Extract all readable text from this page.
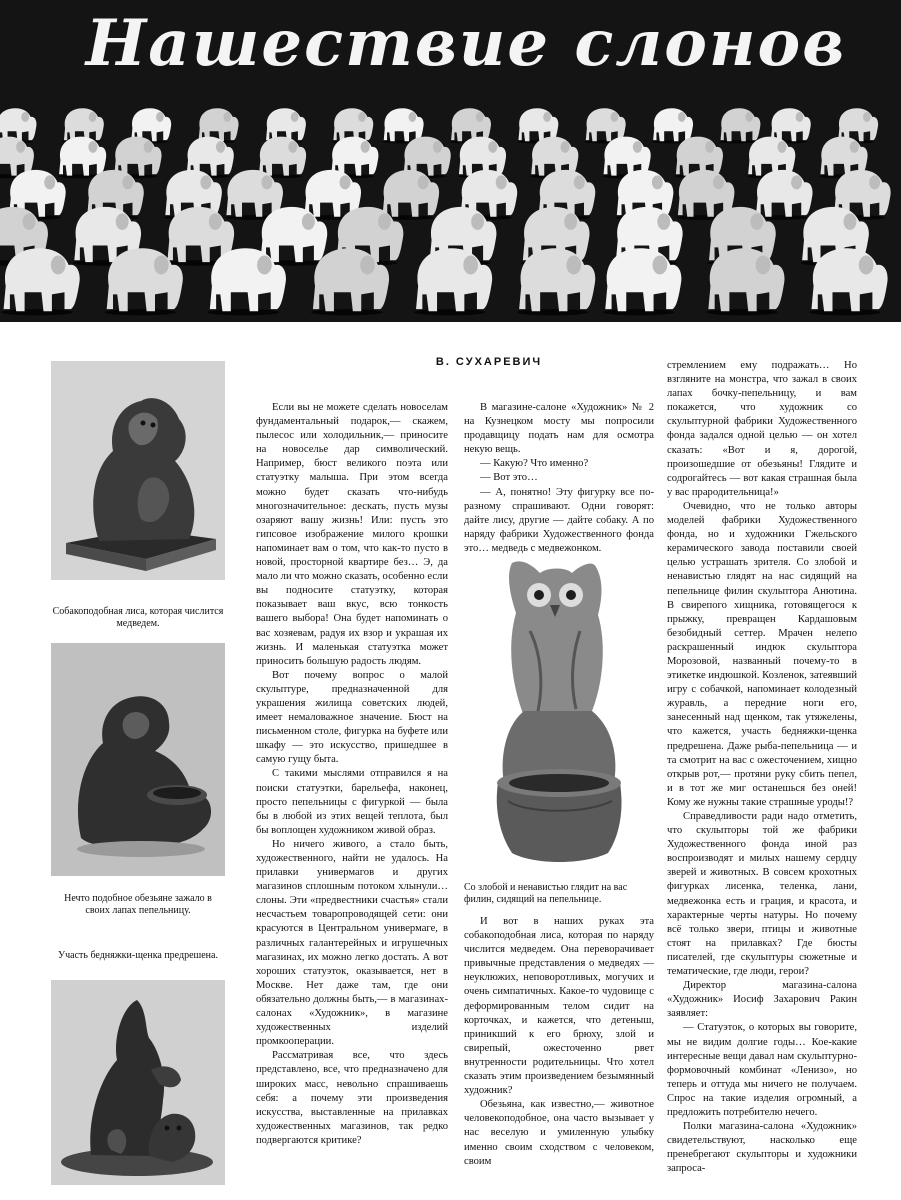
Нашествие слонов
В. СУХАРЕВИЧ
Собакоподобная лиса, которая числится медведем.
Нечто подобное обезьяне зажало в своих лапах пепельницу.
Участь бедняжки-щенка предрешена.
Со злобой и ненавистью глядит на вас филин, сидящий на пепельнице.

Если вы не можете сделать новоселам фундаментальный подарок,— скажем, пылесос или холодильник,— приносите на новоселье дар символический. Например, бюст великого поэта или статуэтку малыша. При этом всегда можно будет сказать что-нибудь многозначительное: дескать, пусть музы озаряют вашу жизнь! Или: пусть это гипсовое изображение милого крошки напоминает вам о том, что как-то пусто в новой, просторной квартире без… Э, да мало ли что можно сказать, особенно если вы подносите статуэтку, которая показывает ваш вкус, всю тонкость вашего выбора! Она будет напоминать о вас хозяевам, радуя их взор и украшая их жизнь. И маленькая статуэтка может приносить большую радость людям.

Вот почему вопрос о малой скульптуре, предназначенной для украшения жилища советских людей, имеет немаловажное значение. Бюст на письменном столе, фигурка на буфете или шкафу — это искусство, пришедшее в самую гущу быта.

С такими мыслями отправился я на поиски статуэтки, барельефа, наконец, просто пепельницы с фигуркой — была бы в любой из этих вещей теплота, был бы воплощен художником живой образ.

Но ничего живого, а стало быть, художественного, найти не удалось. На прилавки универмагов и других магазинов сплошным потоком хлынули… слоны. Эти «предвестники счастья» стали несчастьем товаропроводящей сети: они красуются в Центральном универмаге, в различных галантерейных и игрушечных магазинах, их можно легко достать. А вот хороших статуэток, оказывается, нет в Москве. Нет даже там, где они обязательно должны быть,— в магазинах-салонах «Художник», в магазине художественных изделий промкооперации.

Рассматривая все, что здесь представлено, все, что предназначено для широких масс, невольно спрашиваешь себя: а почему эти произведения искусства, выставленные на прилавках художественных магазинов, так редко подвергаются критике?

В магазине-салоне «Художник» № 2 на Кузнецком мосту мы попросили продавщицу подать нам для осмотра некую вещь.

— Какую? Что именно?

— Вот это…

— А, понятно! Эту фигурку все по-разному спрашивают. Одни говорят: дайте лису, другие — дайте собаку. А по наряду фабрики Художественного фонда это… медведь с медвежонком.

И вот в наших руках эта собакоподобная лиса, которая по наряду числится медведем. Она переворачивает привычные представления о медведях — неуклюжих, неповоротливых, могучих и очень симпатичных. Какое-то чудовище с деформированным телом сидит на корточках, и кажется, что детеныш, приникший к его брюху, злой и свирепый, ожесточенно рвет внутренности родительницы. Что хотел сказать этим произведением безымянный художник?

Обезьяна, как известно,— животное человекоподобное, она часто вызывает у нас веселую и умиленную улыбку именно своим сходством с человеком, своим

стремлением ему подражать… Но взгляните на монстра, что зажал в своих лапах бочку-пепельницу, и вам покажется, что художник со скульптурной фабрики Художественного фонда задался одной целью — он хотел сказать: «Вот и я, дорогой, произошедшие от обезьяны! Глядите и содрогайтесь — вот какая страшная была у вас прародительница!»

Очевидно, что не только авторы моделей фабрики Художественного фонда, но и художники Гжельского керамического завода поставили своей целью устрашать зрителя. Со злобой и ненавистью глядят на нас сидящий на пепельнице филин скульптора Анютина. В свирепого хищника, готовящегося к прыжку, превращен Кардашовым безобидный сеттер. Мрачен нелепо раскрашенный индюк скульптора Морозовой, названный почему-то в этикетке индюшкой. Козленок, затеявший игру с собачкой, напоминает колодезный журавль, а передние ноги его, занесенный над щенком, так утяжелены, что кажется, участь бедняжки-щенка предрешена. Даже рыба-пепельница — и та смотрит на вас с ожесточением, хищно открыв рот,— протяни руку сбить пепел, и в тот же миг останешься без оней! Кому же нужны такие страшные уроды!?

Справедливости ради надо отметить, что скульпторы той же фабрики Художественного фонда иной раз воспроизводят и милых нашему сердцу зверей и животных. В совсем крохотных фигурках лисенка, теленка, лани, медвежонка есть и грация, и красота, и характерные черты натуры. Но почему всё только звери, птицы и животные стоят на прилавках? Где бюсты писателей, где скульптуры сюжетные и тематические, где люди, герои?

Директор магазина-салона «Художник» Иосиф Захарович Ракин заявляет:

— Статуэток, о которых вы говорите, мы не видим долгие годы… Кое-какие интересные вещи давал нам скульптурно-формовочный комбинат «Ленизо», но теперь и оттуда мы ничего не получаем. Спрос на такие изделия огромный, а предложить потребителю нечего.

Полки магазина-салона «Художник» свидетельствуют, насколько еще пренебрегают скульпторы и художники запроса-
